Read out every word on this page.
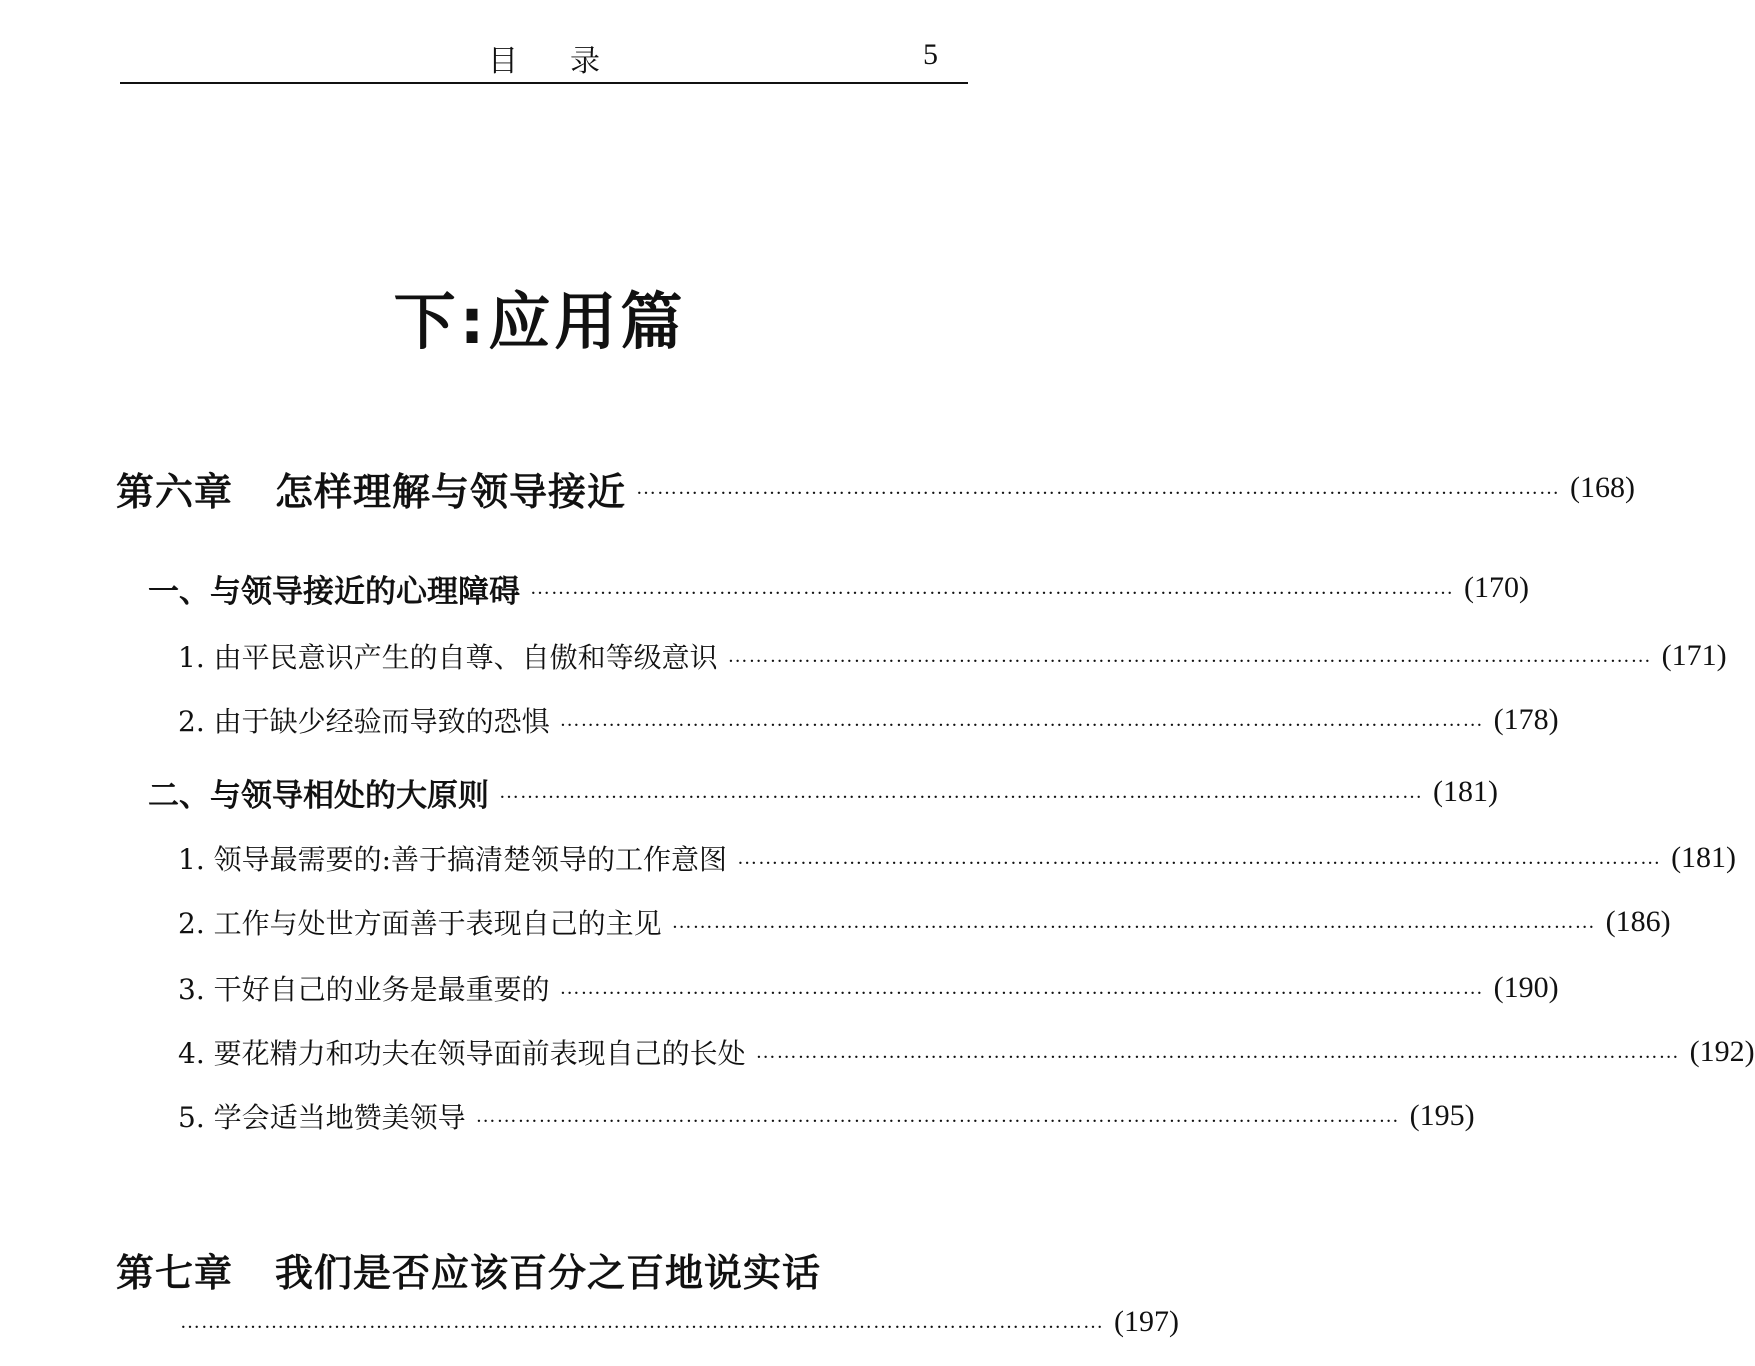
目录	5
下:应用篇
第六章 怎样理解与领导接近 …………………………………………………………………………………………………………………… (168)
一、与领导接近的心理障碍 …………………………………………………………………………………………………………………… (170)
1. 由平民意识产生的自尊、自傲和等级意识 …………………………………………………………………………………………………………………… (171)
2. 由于缺少经验而导致的恐惧 …………………………………………………………………………………………………………………… (178)
二、与领导相处的大原则 …………………………………………………………………………………………………………………… (181)
1. 领导最需要的:善于搞清楚领导的工作意图 …………………………………………………………………………………………………………………… (181)
2. 工作与处世方面善于表现自己的主见 …………………………………………………………………………………………………………………… (186)
3. 干好自己的业务是最重要的 …………………………………………………………………………………………………………………… (190)
4. 要花精力和功夫在领导面前表现自己的长处 …………………………………………………………………………………………………………………… (192)
5. 学会适当地赞美领导 …………………………………………………………………………………………………………………… (195)
第七章 我们是否应该百分之百地说实话
…………………………………………………………………………………………………………………… (197)
